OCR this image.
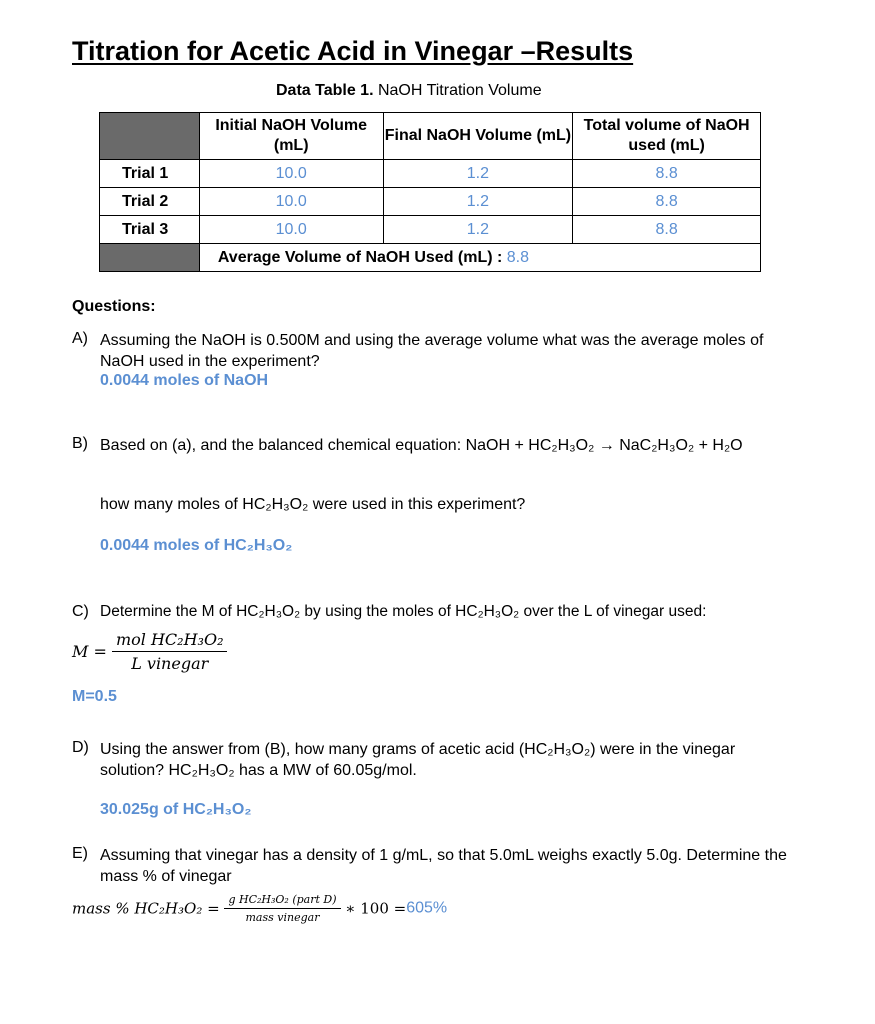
Titration for Acetic Acid in Vinegar –Results
Data Table 1. NaOH Titration Volume
	Initial NaOH Volume (mL)	Final NaOH Volume (mL)	Total volume of NaOH used (mL)
Trial 1	10.0	1.2	8.8
Trial 2	10.0	1.2	8.8
Trial 3	10.0	1.2	8.8
	Average Volume of NaOH Used (mL) : 8.8		
Questions:
A) Assuming the NaOH is 0.500M and using the average volume what was the average moles of NaOH used in the experiment?
0.0044 moles of NaOH
B) Based on (a), and the balanced chemical equation: NaOH + HC₂H₃O₂ → NaC₂H₃O₂ + H₂O
how many moles of HC₂H₃O₂ were used in this experiment?
0.0044 moles of HC₂H₃O₂
C) Determine the M of HC₂H₃O₂ by using the moles of HC₂H₃O₂ over the L of vinegar used:
$M = \frac{\text{mol HC₂H₃O₂}}{\text{L vinegar}}$
M=0.5
D) Using the answer from (B), how many grams of acetic acid (HC₂H₃O₂) were in the vinegar solution? HC₂H₃O₂ has a MW of 60.05g/mol.
30.025g of HC₂H₃O₂
E) Assuming that vinegar has a density of 1 g/mL, so that 5.0mL weighs exactly 5.0g. Determine the mass % of vinegar
mass % $HC_2H_3O_2 = \frac{\text{g HC₂H₃O₂ (part D)}}{\text{mass vinegar}}$ ∗ 100 =605%
